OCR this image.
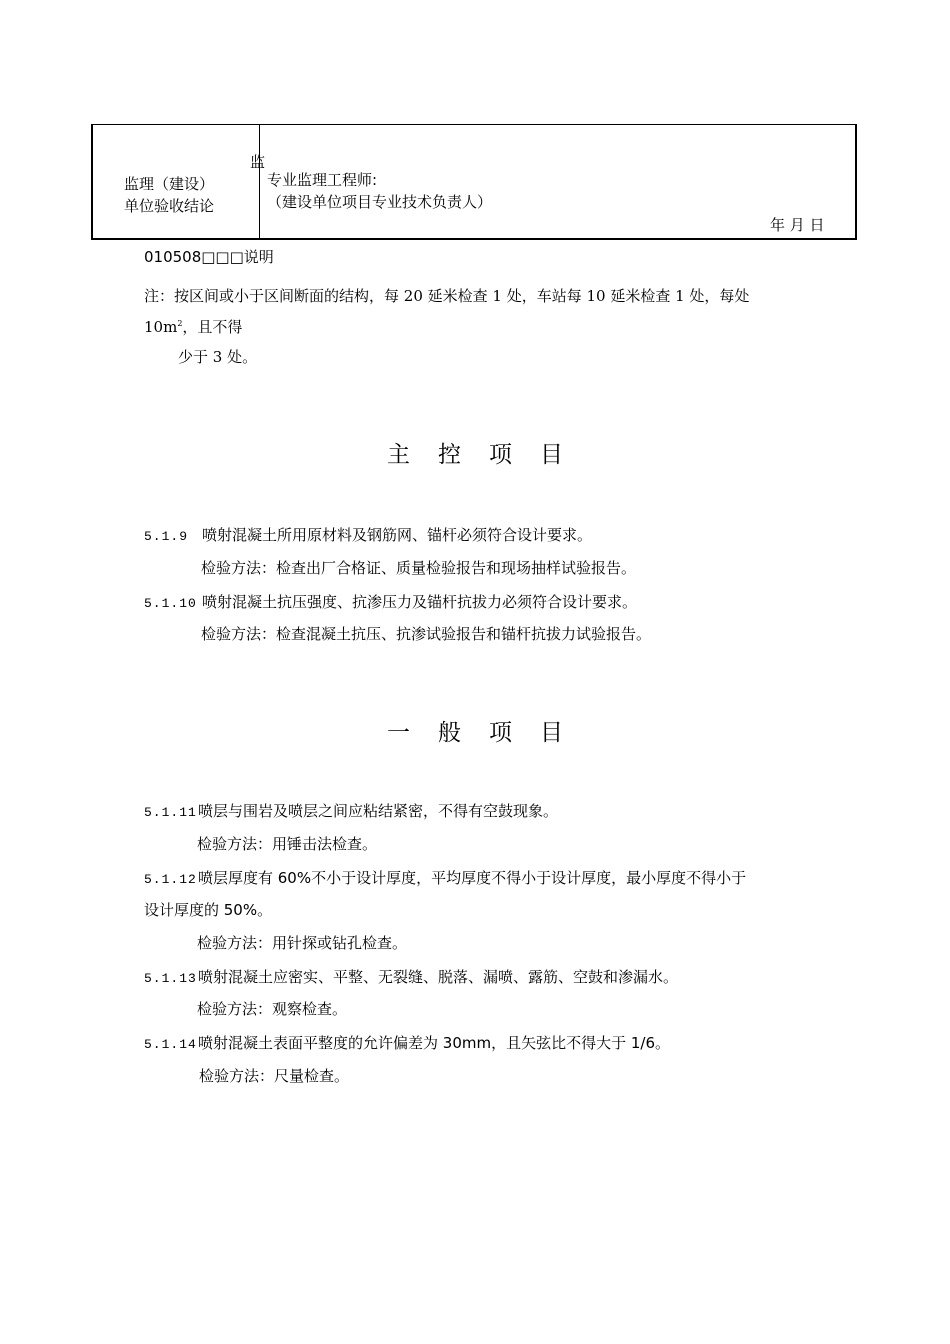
监理（建设）
单位验收结论
监
专业监理工程师:
（建设单位项目专业技术负责人）
年 月 日
010508□□□说明
注：按区间或小于区间断面的结构，每 20 延米检查 1 处，车站每 10 延米检查 1 处，每处
$10m^2$，且不得
少于 3 处。
主控项目
5.1.9 喷射混凝土所用原材料及钢筋网、锚杆必须符合设计要求。
检验方法：检查出厂合格证、质量检验报告和现场抽样试验报告。
5.1.10 喷射混凝土抗压强度、抗渗压力及锚杆抗拔力必须符合设计要求。
检验方法：检查混凝土抗压、抗渗试验报告和锚杆抗拔力试验报告。
一般项目
5.1.11喷层与围岩及喷层之间应粘结紧密，不得有空鼓现象。
检验方法：用锤击法检查。
5.1.12喷层厚度有 60%不小于设计厚度，平均厚度不得小于设计厚度，最小厚度不得小于
设计厚度的 50%。
检验方法：用针探或钻孔检查。
5.1.13喷射混凝土应密实、平整、无裂缝、脱落、漏喷、露筋、空鼓和渗漏水。
检验方法：观察检查。
5.1.14喷射混凝土表面平整度的允许偏差为 30mm，且矢弦比不得大于 1/6。
检验方法：尺量检查。
